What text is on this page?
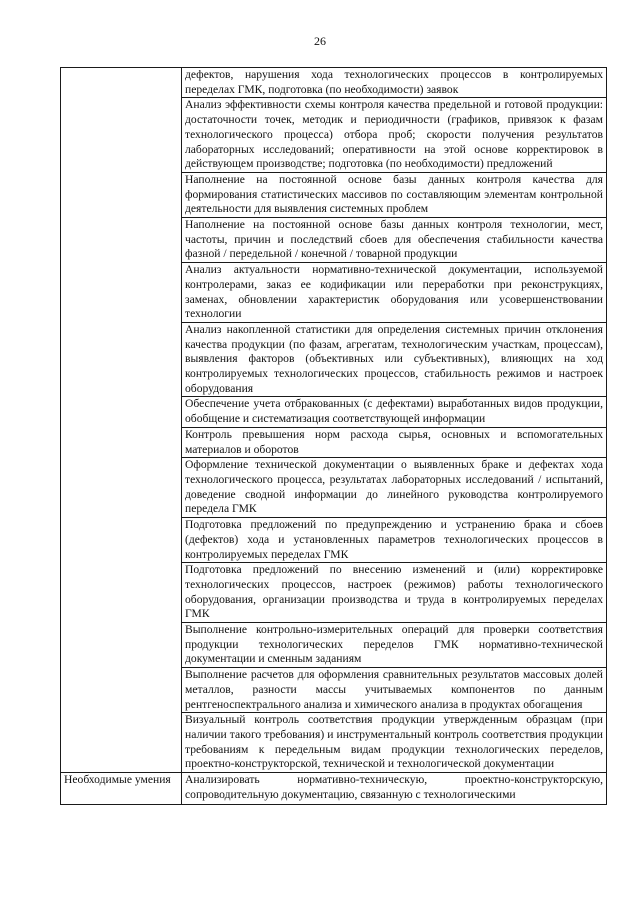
26
	дефектов, нарушения хода технологических процессов в контролируемых переделах ГМК, подготовка (по необходимости) заявок
	Анализ эффективности схемы контроля качества предельной и готовой продукции: достаточности точек, методик и периодичности (графиков, привязок к фазам технологического процесса) отбора проб; скорости получения результатов лабораторных исследований; оперативности на этой основе корректировок в действующем производстве; подготовка (по необходимости) предложений
	Наполнение на постоянной основе базы данных контроля качества для формирования статистических массивов по составляющим элементам контрольной деятельности для выявления системных проблем
	Наполнение на постоянной основе базы данных контроля технологии, мест, частоты, причин и последствий сбоев для обеспечения стабильности качества фазной / передельной / конечной / товарной продукции
	Анализ актуальности нормативно-технической документации, используемой контролерами, заказ ее кодификации или переработки при реконструкциях, заменах, обновлении характеристик оборудования или усовершенствовании технологии
	Анализ накопленной статистики для определения системных причин отклонения качества продукции (по фазам, агрегатам, технологическим участкам, процессам), выявления факторов (объективных или субъективных), влияющих на ход контролируемых технологических процессов, стабильность режимов и настроек оборудования
	Обеспечение учета отбракованных (с дефектами) выработанных видов продукции, обобщение и систематизация соответствующей информации
	Контроль превышения норм расхода сырья, основных и вспомогательных материалов и оборотов
	Оформление технической документации о выявленных браке и дефектах хода технологического процесса, результатах лабораторных исследований / испытаний, доведение сводной информации до линейного руководства контролируемого передела ГМК
	Подготовка предложений по предупреждению и устранению брака и сбоев (дефектов) хода и установленных параметров технологических процессов в контролируемых переделах ГМК
	Подготовка предложений по внесению изменений и (или) корректировке технологических процессов, настроек (режимов) работы технологического оборудования, организации производства и труда в контролируемых переделах ГМК
	Выполнение контрольно-измерительных операций для проверки соответствия продукции технологических переделов ГМК нормативно-технической документации и сменным заданиям
	Выполнение расчетов для оформления сравнительных результатов массовых долей металлов, разности массы учитываемых компонентов по данным рентгеноспектрального анализа и химического анализа в продуктах обогащения
	Визуальный контроль соответствия продукции утвержденным образцам (при наличии такого требования) и инструментальный контроль соответствия продукции требованиям к передельным видам продукции технологических переделов, проектно-конструкторской, технической и технологической документации

Необходимые умения	Анализировать нормативно-техническую, проектно-конструкторскую, сопроводительную документацию, связанную с технологическими
